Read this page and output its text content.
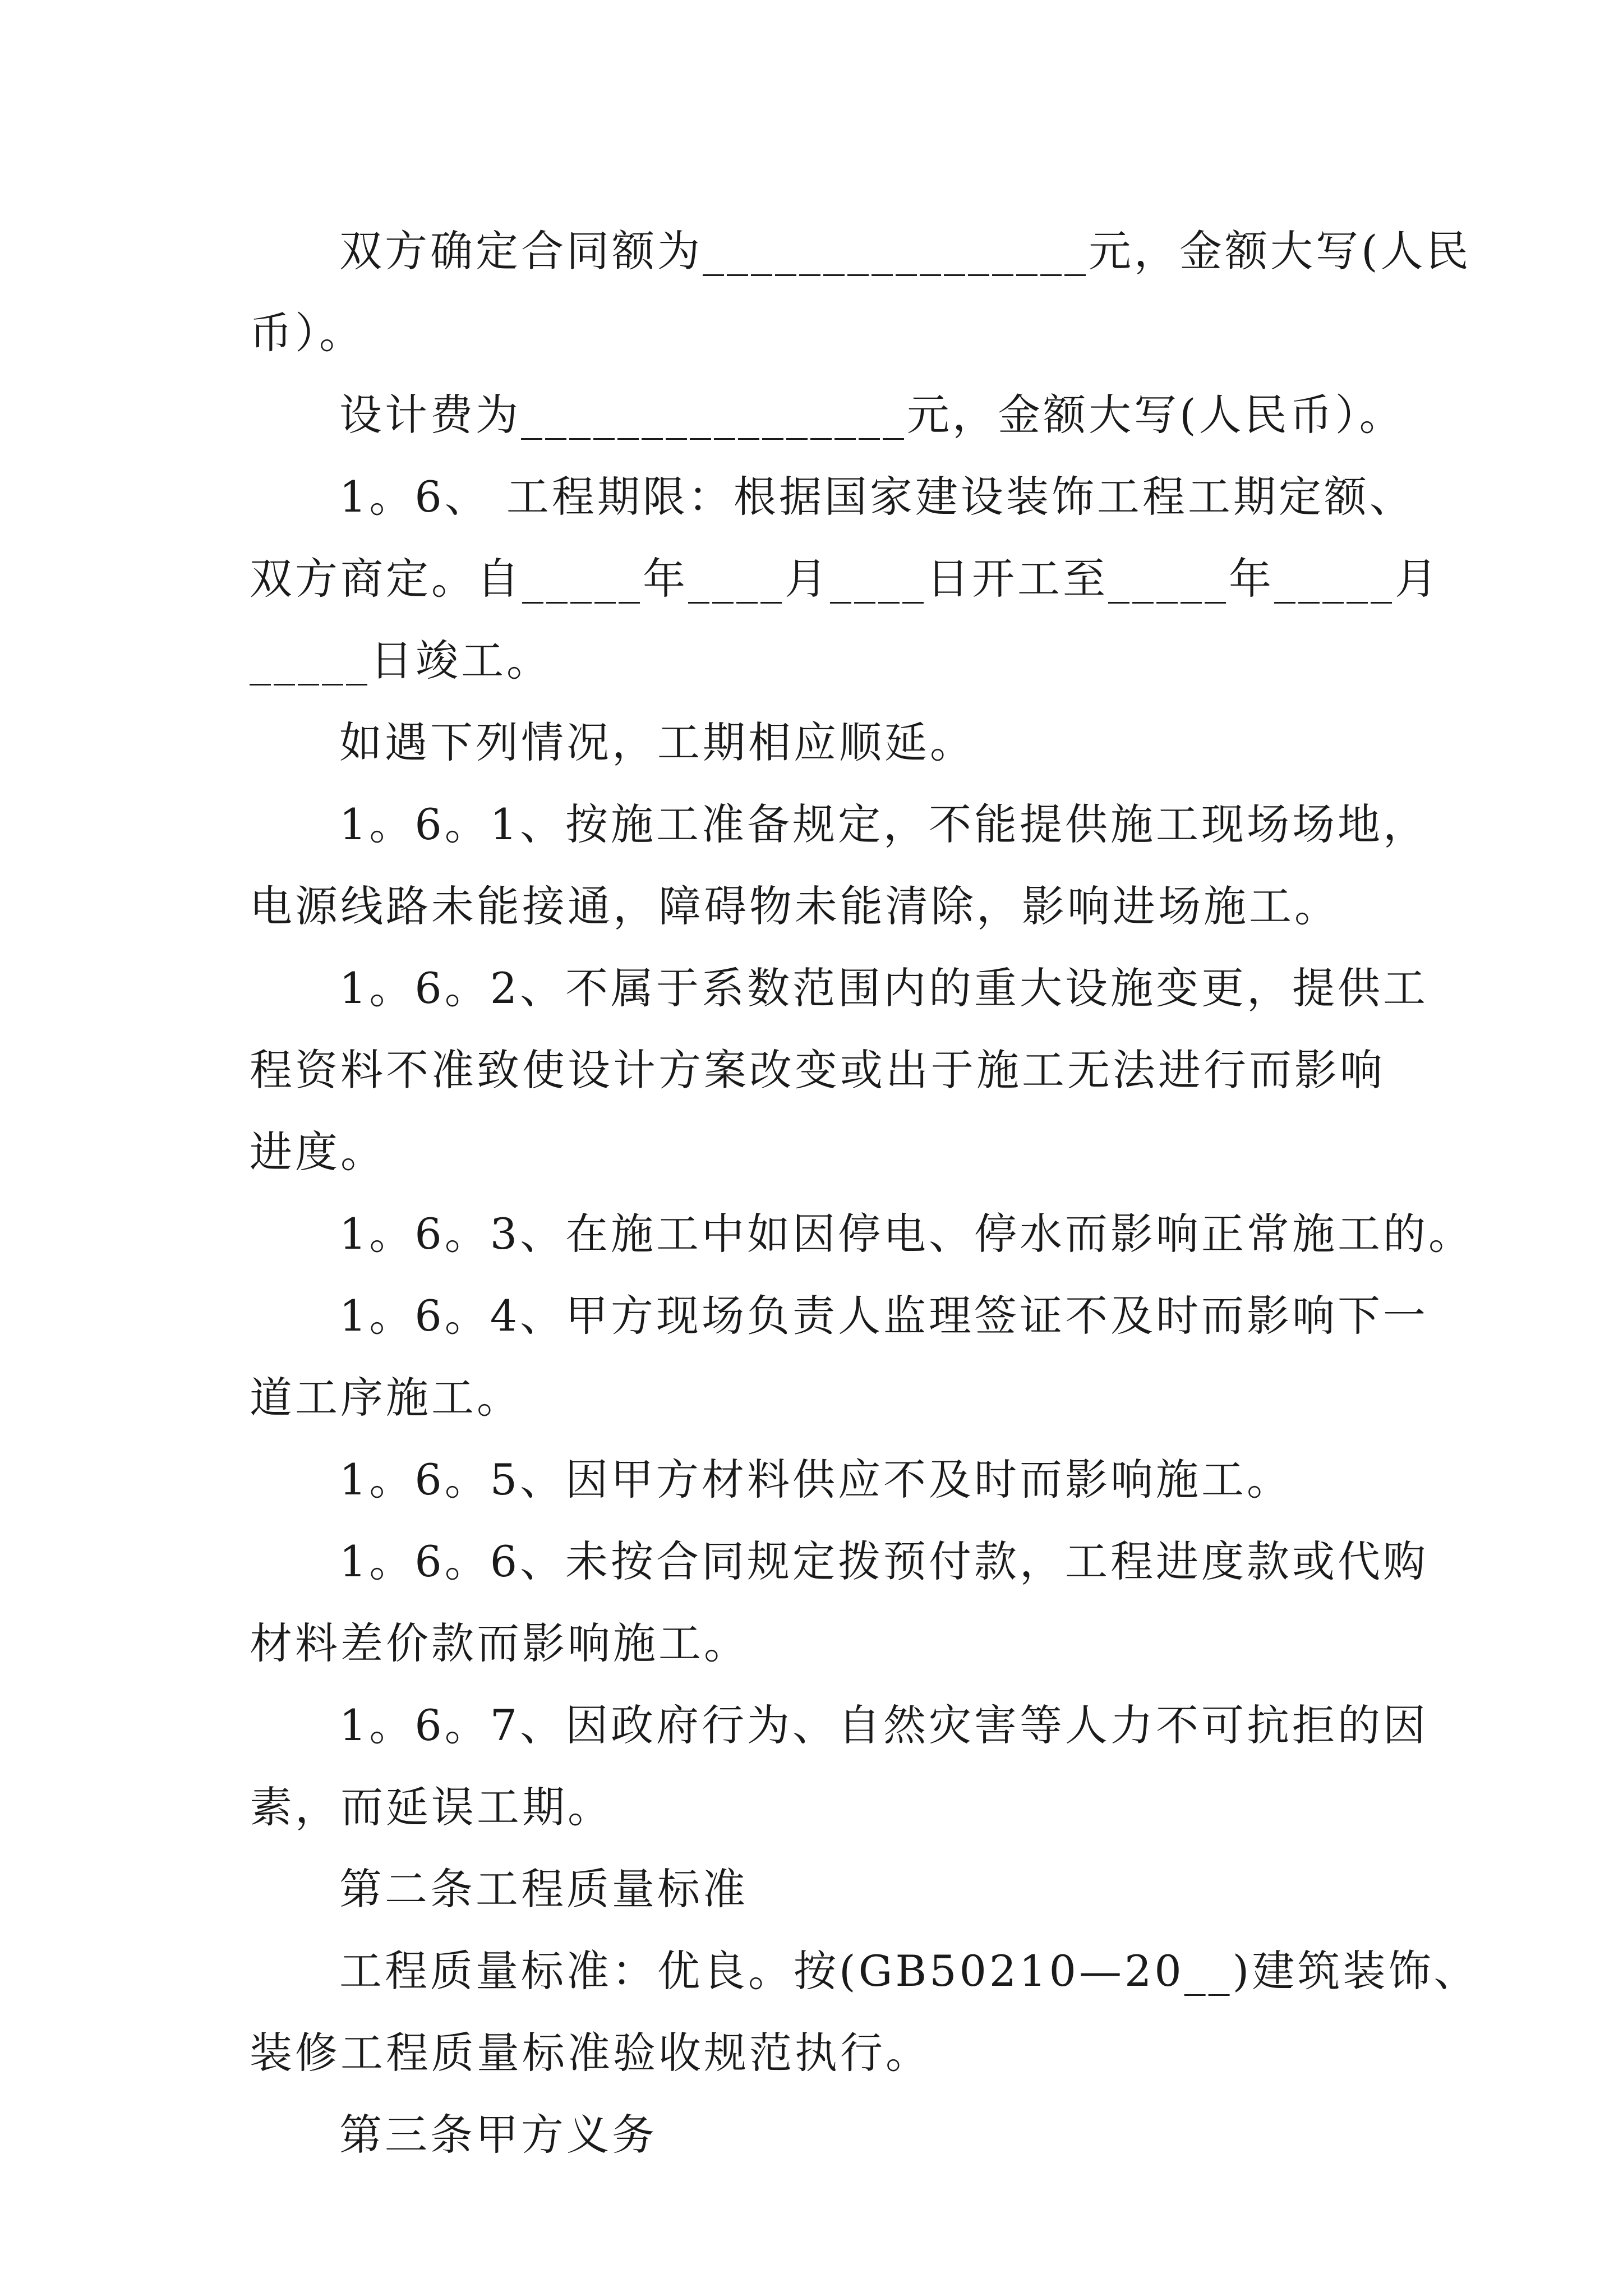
双方确定合同额为________________元，金额大写(人民

币）。

设计费为________________元，金额大写(人民币）。

1。6、 工程期限：根据国家建设装饰工程工期定额、

双方商定。自_____年____月____日开工至_____年_____月

_____日竣工。

如遇下列情况，工期相应顺延。

1。6。1、按施工准备规定，不能提供施工现场场地，

电源线路未能接通，障碍物未能清除，影响进场施工。

1。6。2、不属于系数范围内的重大设施变更，提供工

程资料不准致使设计方案改变或出于施工无法进行而影响

进度。

1。6。3、在施工中如因停电、停水而影响正常施工的。

1。6。4、甲方现场负责人监理签证不及时而影响下一

道工序施工。

1。6。5、因甲方材料供应不及时而影响施工。

1。6。6、未按合同规定拨预付款，工程进度款或代购

材料差价款而影响施工。

1。6。7、因政府行为、自然灾害等人力不可抗拒的因

素，而延误工期。

第二条工程质量标准

工程质量标准：优良。按(GB50210—20__)建筑装饰、

装修工程质量标准验收规范执行。

第三条甲方义务
